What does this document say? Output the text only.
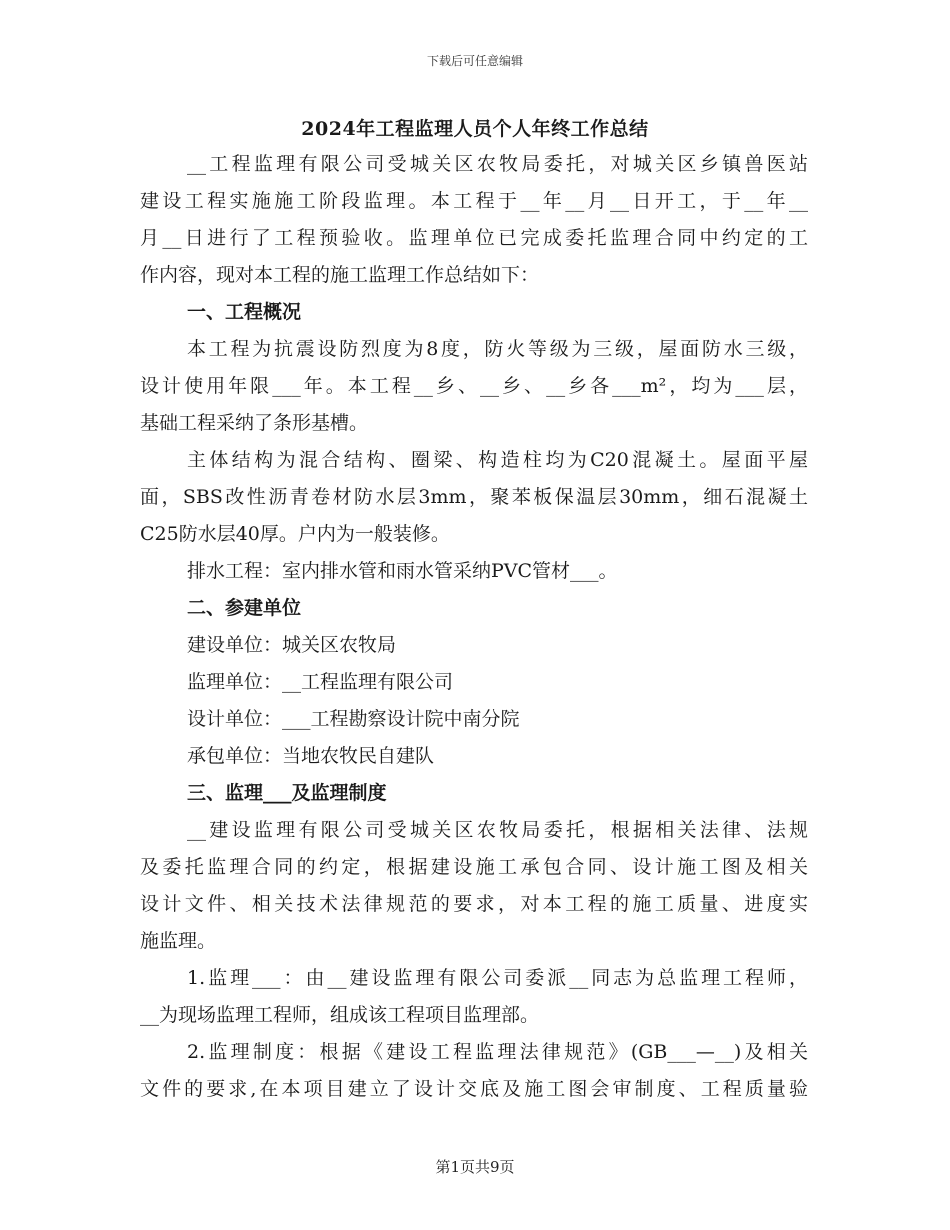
下载后可任意编辑
2024年工程监理人员个人年终工作总结
__工程监理有限公司受城关区农牧局委托，对城关区乡镇兽医站
建设工程实施施工阶段监理。本工程于__年__月__日开工，于__年__
月__日进行了工程预验收。监理单位已完成委托监理合同中约定的工
作内容，现对本工程的施工监理工作总结如下：
一、工程概况
本工程为抗震设防烈度为8度，防火等级为三级，屋面防水三级，
设计使用年限___年。本工程__乡、__乡、__乡各___m²，均为___层，
基础工程采纳了条形基槽。
主体结构为混合结构、圈梁、构造柱均为C20混凝土。屋面平屋
面，SBS改性沥青卷材防水层3mm，聚苯板保温层30mm，细石混凝土
C25防水层40厚。户内为一般装修。
排水工程：室内排水管和雨水管采纳PVC管材___。
二、参建单位
建设单位：城关区农牧局
监理单位：__工程监理有限公司
设计单位：___工程勘察设计院中南分院
承包单位：当地农牧民自建队
三、监理___及监理制度
__建设监理有限公司受城关区农牧局委托，根据相关法律、法规
及委托监理合同的约定，根据建设施工承包合同、设计施工图及相关
设计文件、相关技术法律规范的要求，对本工程的施工质量、进度实
施监理。
1.监理___：由__建设监理有限公司委派__同志为总监理工程师，
__为现场监理工程师，组成该工程项目监理部。
2.监理制度：根据《建设工程监理法律规范》(GB___—__)及相关
文件的要求,在本项目建立了设计交底及施工图会审制度、工程质量验
第1页共9页
